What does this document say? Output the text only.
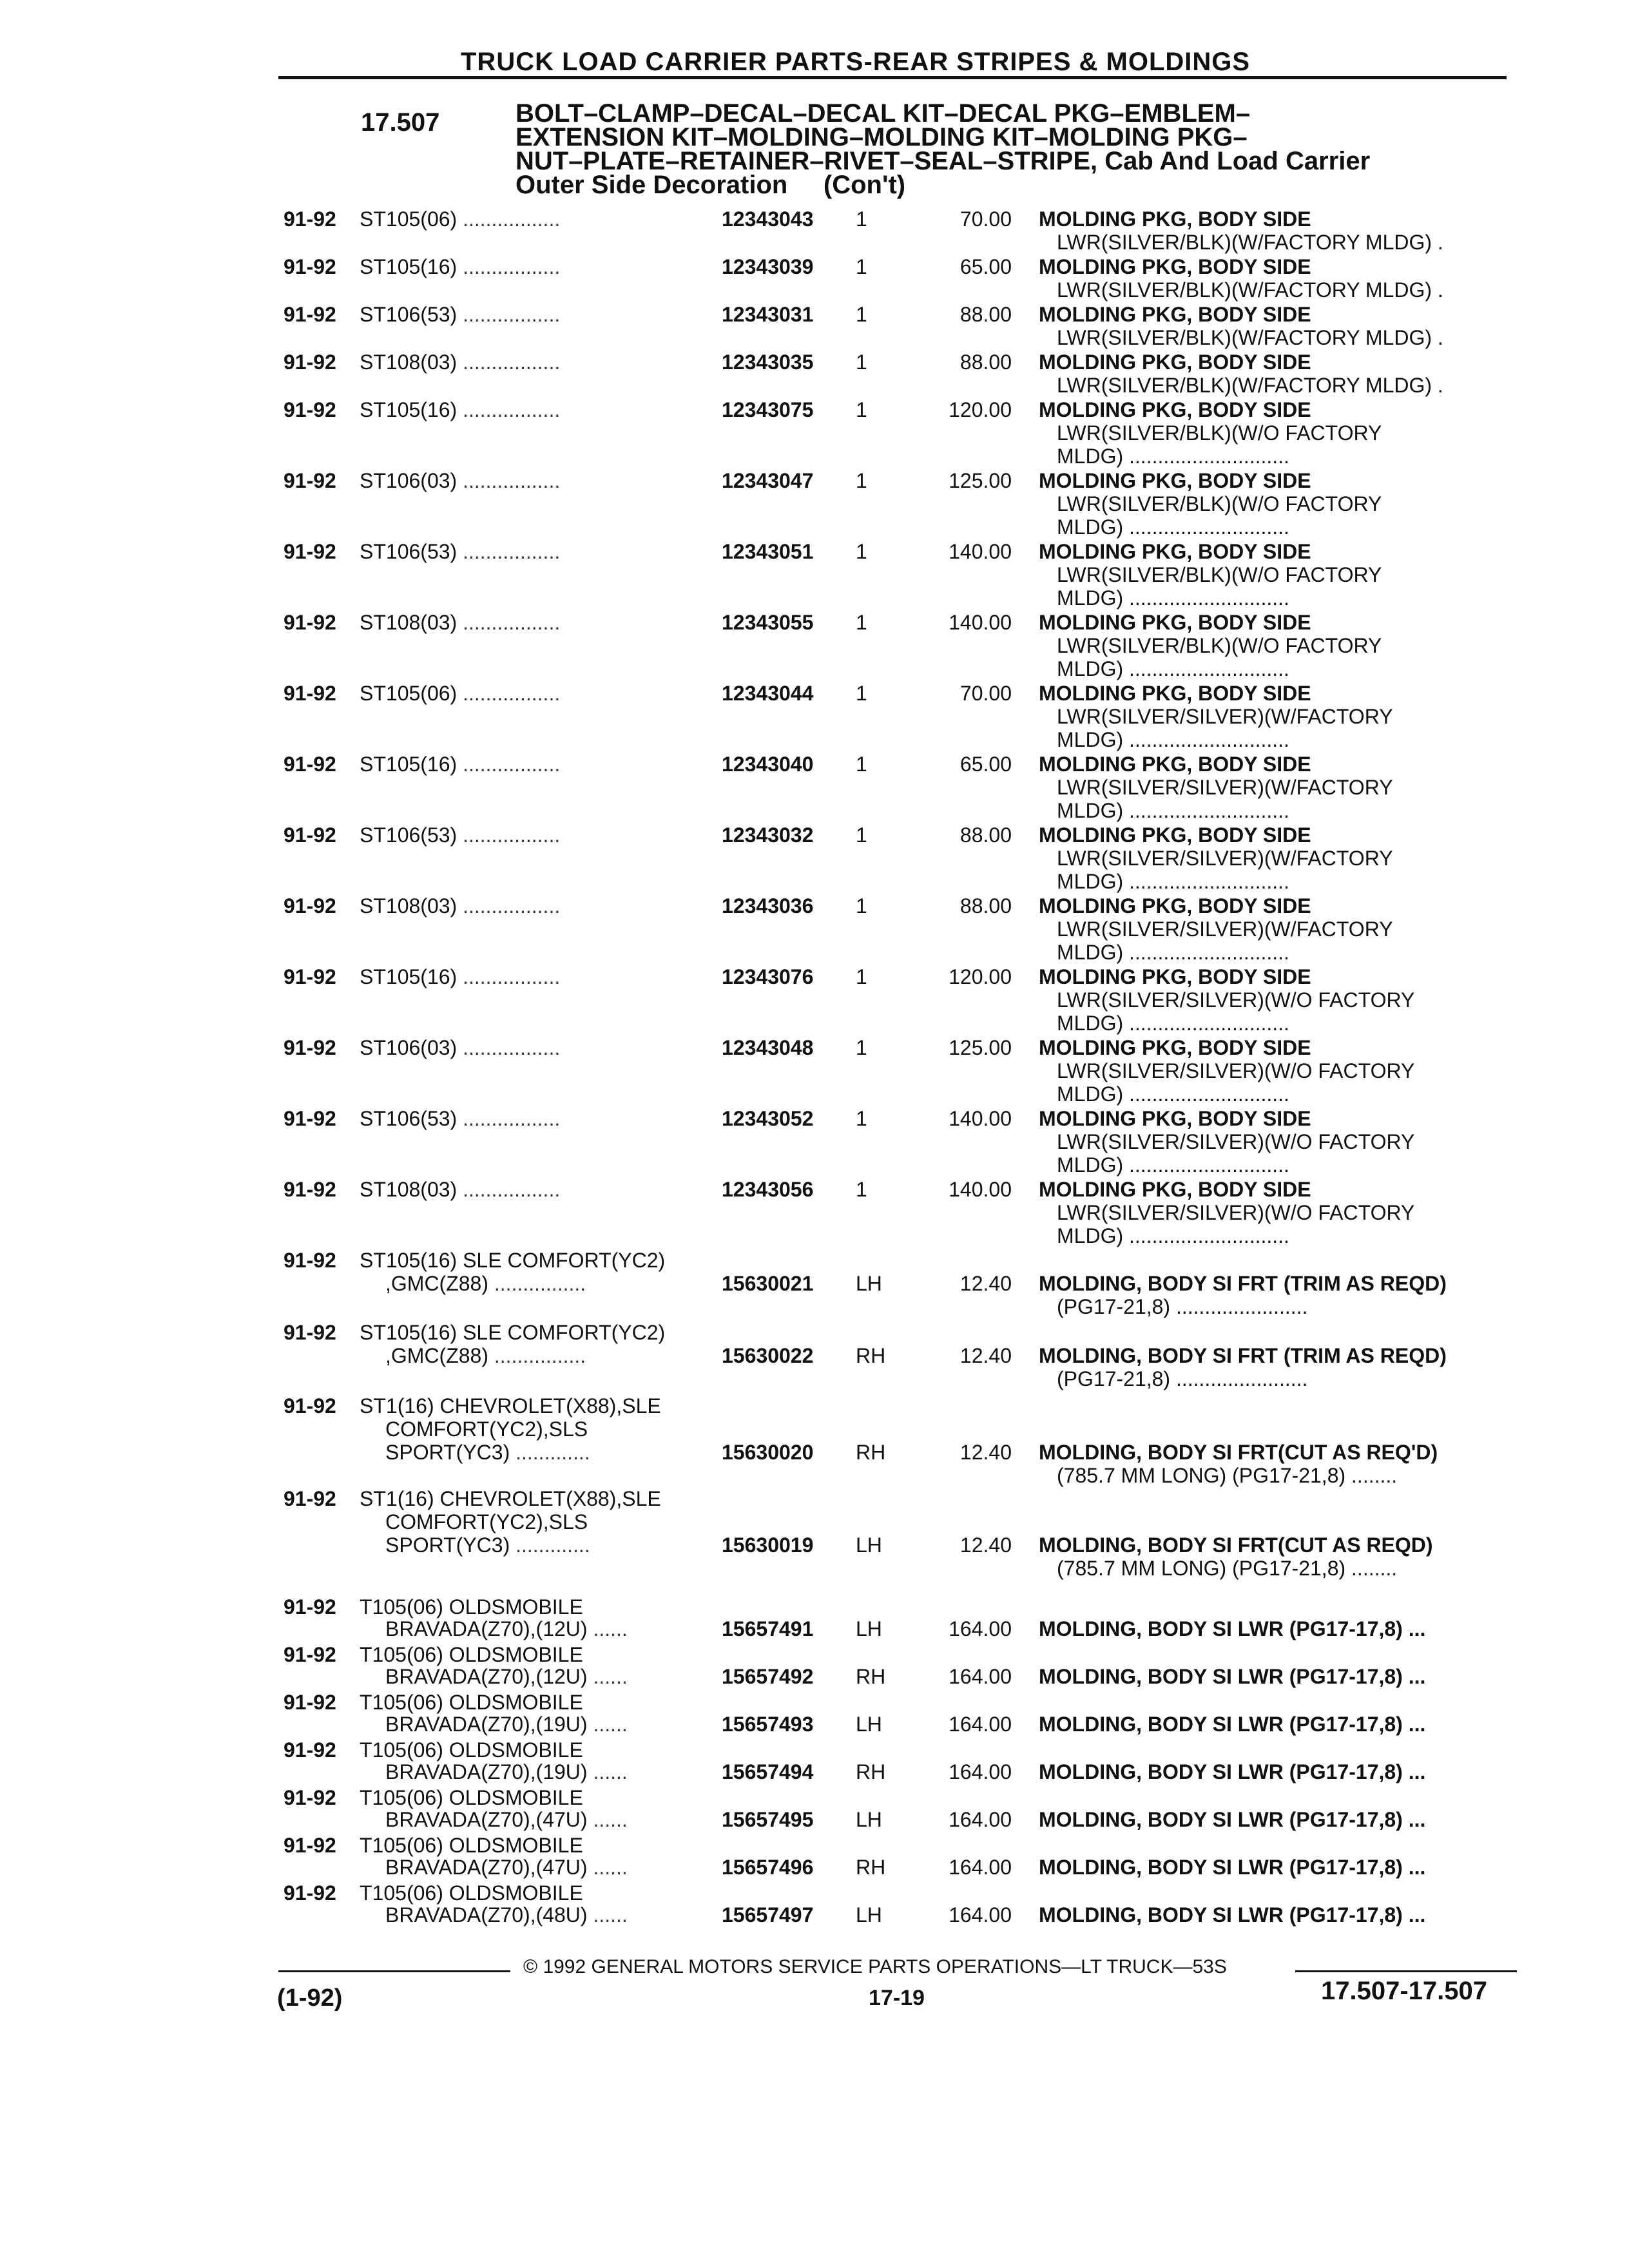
TRUCK LOAD CARRIER PARTS-REAR STRIPES & MOLDINGS
17.507	BOLT–CLAMP–DECAL–DECAL KIT–DECAL PKG–EMBLEM–
EXTENSION KIT–MOLDING–MOLDING KIT–MOLDING PKG–
NUT–PLATE–RETAINER–RIVET–SEAL–STRIPE, Cab And Load Carrier
Outer Side Decoration     (Con't)
91-92 ST105(06) .................	12343043 1	70.00 MOLDING PKG, BODY SIDE
LWR(SILVER/BLK)(W/FACTORY MLDG) .
91-92 ST105(16) .................	12343039 1	65.00 MOLDING PKG, BODY SIDE
LWR(SILVER/BLK)(W/FACTORY MLDG) .
91-92 ST106(53) .................	12343031 1	88.00 MOLDING PKG, BODY SIDE
LWR(SILVER/BLK)(W/FACTORY MLDG) .
91-92 ST108(03) .................	12343035 1	88.00 MOLDING PKG, BODY SIDE
LWR(SILVER/BLK)(W/FACTORY MLDG) .
91-92 ST105(16) .................	12343075 1	120.00 MOLDING PKG, BODY SIDE
LWR(SILVER/BLK)(W/O FACTORY
MLDG) ............................
91-92 ST106(03) .................	12343047 1	125.00 MOLDING PKG, BODY SIDE
LWR(SILVER/BLK)(W/O FACTORY
MLDG) ............................
91-92 ST106(53) .................	12343051 1	140.00 MOLDING PKG, BODY SIDE
LWR(SILVER/BLK)(W/O FACTORY
MLDG) ............................
91-92 ST108(03) .................	12343055 1	140.00 MOLDING PKG, BODY SIDE
LWR(SILVER/BLK)(W/O FACTORY
MLDG) ............................
91-92 ST105(06) .................	12343044 1	70.00 MOLDING PKG, BODY SIDE
LWR(SILVER/SILVER)(W/FACTORY
MLDG) ............................
91-92 ST105(16) .................	12343040 1	65.00 MOLDING PKG, BODY SIDE
LWR(SILVER/SILVER)(W/FACTORY
MLDG) ............................
91-92 ST106(53) .................	12343032 1	88.00 MOLDING PKG, BODY SIDE
LWR(SILVER/SILVER)(W/FACTORY
MLDG) ............................
91-92 ST108(03) .................	12343036 1	88.00 MOLDING PKG, BODY SIDE
LWR(SILVER/SILVER)(W/FACTORY
MLDG) ............................
91-92 ST105(16) .................	12343076 1	120.00 MOLDING PKG, BODY SIDE
LWR(SILVER/SILVER)(W/O FACTORY
MLDG) ............................
91-92 ST106(03) .................	12343048 1	125.00 MOLDING PKG, BODY SIDE
LWR(SILVER/SILVER)(W/O FACTORY
MLDG) ............................
91-92 ST106(53) .................	12343052 1	140.00 MOLDING PKG, BODY SIDE
LWR(SILVER/SILVER)(W/O FACTORY
MLDG) ............................
91-92 ST108(03) .................	12343056 1	140.00 MOLDING PKG, BODY SIDE
LWR(SILVER/SILVER)(W/O FACTORY
MLDG) ............................
91-92 ST105(16) SLE COMFORT(YC2)
,GMC(Z88) ................	15630021 LH	12.40 MOLDING, BODY SI FRT (TRIM AS REQD)
(PG17-21,8) .......................
91-92 ST105(16) SLE COMFORT(YC2)
,GMC(Z88) ................	15630022 RH	12.40 MOLDING, BODY SI FRT (TRIM AS REQD)
(PG17-21,8) .......................
91-92 ST1(16) CHEVROLET(X88),SLE
COMFORT(YC2),SLS
SPORT(YC3) .............	15630020 RH	12.40 MOLDING, BODY SI FRT(CUT AS REQ'D)
(785.7 MM LONG) (PG17-21,8) ........
91-92 ST1(16) CHEVROLET(X88),SLE
COMFORT(YC2),SLS
SPORT(YC3) .............	15630019 LH	12.40 MOLDING, BODY SI FRT(CUT AS REQD)
(785.7 MM LONG) (PG17-21,8) ........
91-92 T105(06) OLDSMOBILE
BRAVADA(Z70),(12U) ......	15657491 LH	164.00 MOLDING, BODY SI LWR (PG17-17,8) ...
91-92 T105(06) OLDSMOBILE
BRAVADA(Z70),(12U) ......	15657492 RH	164.00 MOLDING, BODY SI LWR (PG17-17,8) ...
91-92 T105(06) OLDSMOBILE
BRAVADA(Z70),(19U) ......	15657493 LH	164.00 MOLDING, BODY SI LWR (PG17-17,8) ...
91-92 T105(06) OLDSMOBILE
BRAVADA(Z70),(19U) ......	15657494 RH	164.00 MOLDING, BODY SI LWR (PG17-17,8) ...
91-92 T105(06) OLDSMOBILE
BRAVADA(Z70),(47U) ......	15657495 LH	164.00 MOLDING, BODY SI LWR (PG17-17,8) ...
91-92 T105(06) OLDSMOBILE
BRAVADA(Z70),(47U) ......	15657496 RH	164.00 MOLDING, BODY SI LWR (PG17-17,8) ...
91-92 T105(06) OLDSMOBILE
BRAVADA(Z70),(48U) ......	15657497 LH	164.00 MOLDING, BODY SI LWR (PG17-17,8) ...
© 1992 GENERAL MOTORS SERVICE PARTS OPERATIONS—LT TRUCK—53S
(1-92)	17-19	17.507-17.507
